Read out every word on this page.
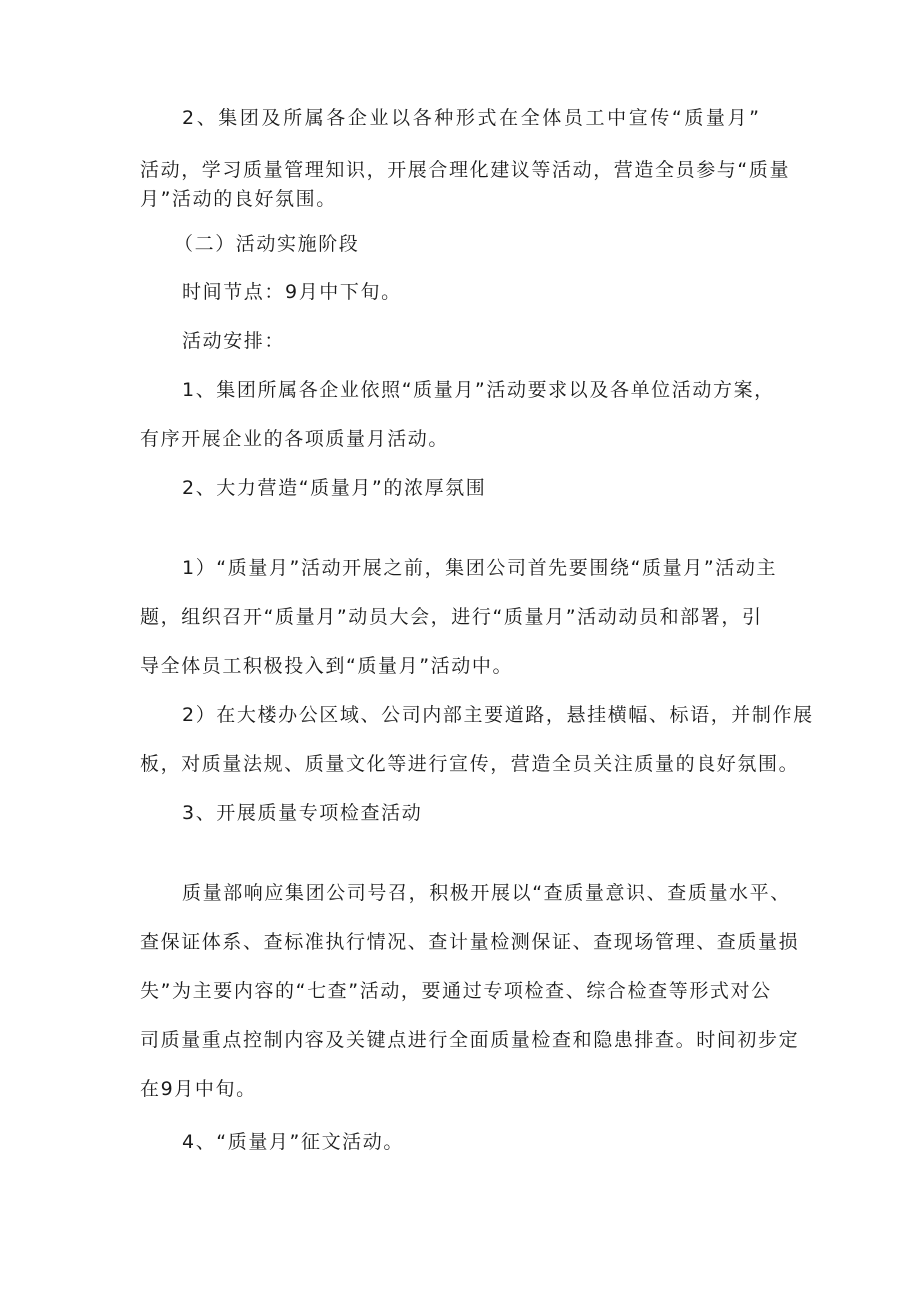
2、集团及所属各企业以各种形式在全体员工中宣传“质量月”

活动，学习质量管理知识，开展合理化建议等活动，营造全员参与“质量

月”活动的良好氛围。

（二）活动实施阶段

时间节点：9月中下旬。

活动安排：

1、集团所属各企业依照“质量月”活动要求以及各单位活动方案，

有序开展企业的各项质量月活动。

2、大力营造“质量月”的浓厚氛围

1）“质量月”活动开展之前，集团公司首先要围绕“质量月”活动主

题，组织召开“质量月”动员大会，进行“质量月”活动动员和部署，引

导全体员工积极投入到“质量月”活动中。

2）在大楼办公区域、公司内部主要道路，悬挂横幅、标语，并制作展

板，对质量法规、质量文化等进行宣传，营造全员关注质量的良好氛围。

3、开展质量专项检查活动

质量部响应集团公司号召，积极开展以“查质量意识、查质量水平、

查保证体系、查标准执行情况、查计量检测保证、查现场管理、查质量损

失”为主要内容的“七查”活动，要通过专项检查、综合检查等形式对公

司质量重点控制内容及关键点进行全面质量检查和隐患排查。时间初步定

在9月中旬。

4、“质量月”征文活动。
